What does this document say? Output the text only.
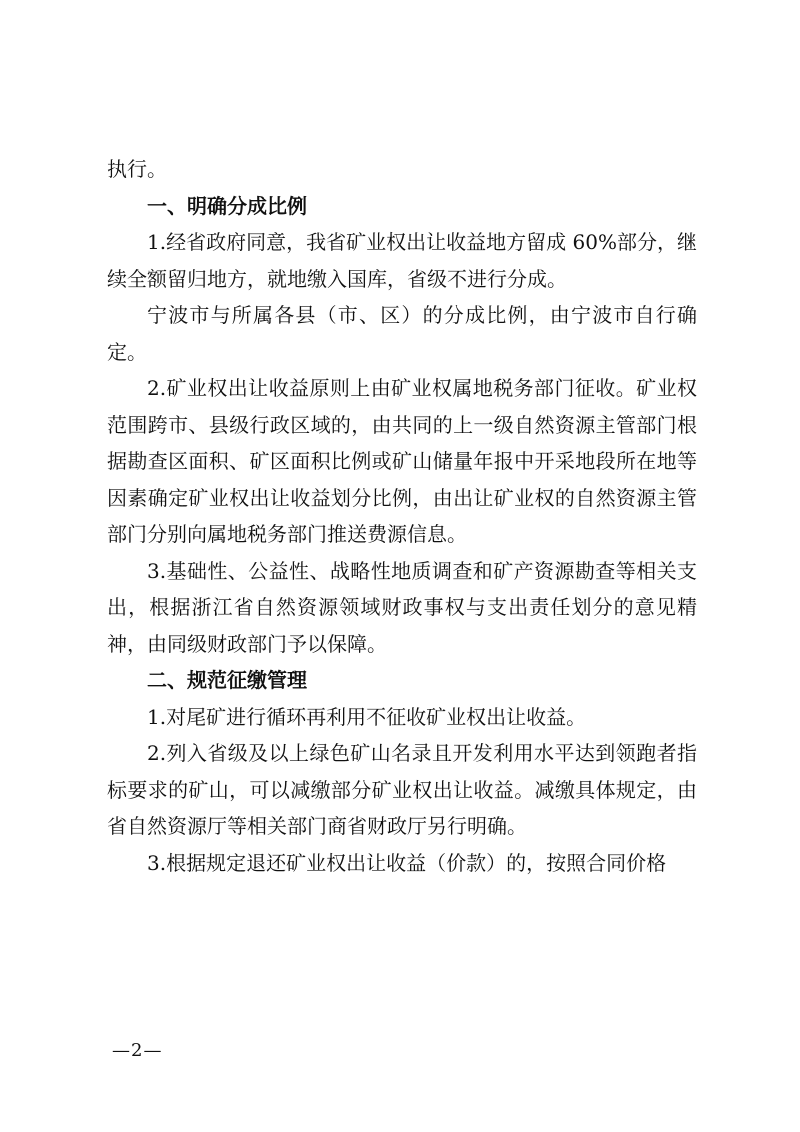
执行。

一、明确分成比例

1.经省政府同意，我省矿业权出让收益地方留成 60%部分，继续全额留归地方，就地缴入国库，省级不进行分成。

宁波市与所属各县（市、区）的分成比例，由宁波市自行确定。

2.矿业权出让收益原则上由矿业权属地税务部门征收。矿业权范围跨市、县级行政区域的，由共同的上一级自然资源主管部门根据勘查区面积、矿区面积比例或矿山储量年报中开采地段所在地等因素确定矿业权出让收益划分比例，由出让矿业权的自然资源主管部门分别向属地税务部门推送费源信息。

3.基础性、公益性、战略性地质调查和矿产资源勘查等相关支出，根据浙江省自然资源领域财政事权与支出责任划分的意见精神，由同级财政部门予以保障。

二、规范征缴管理

1.对尾矿进行循环再利用不征收矿业权出让收益。

2.列入省级及以上绿色矿山名录且开发利用水平达到领跑者指标要求的矿山，可以减缴部分矿业权出让收益。减缴具体规定，由省自然资源厅等相关部门商省财政厅另行明确。

3.根据规定退还矿业权出让收益（价款）的，按照合同价格

—2—
